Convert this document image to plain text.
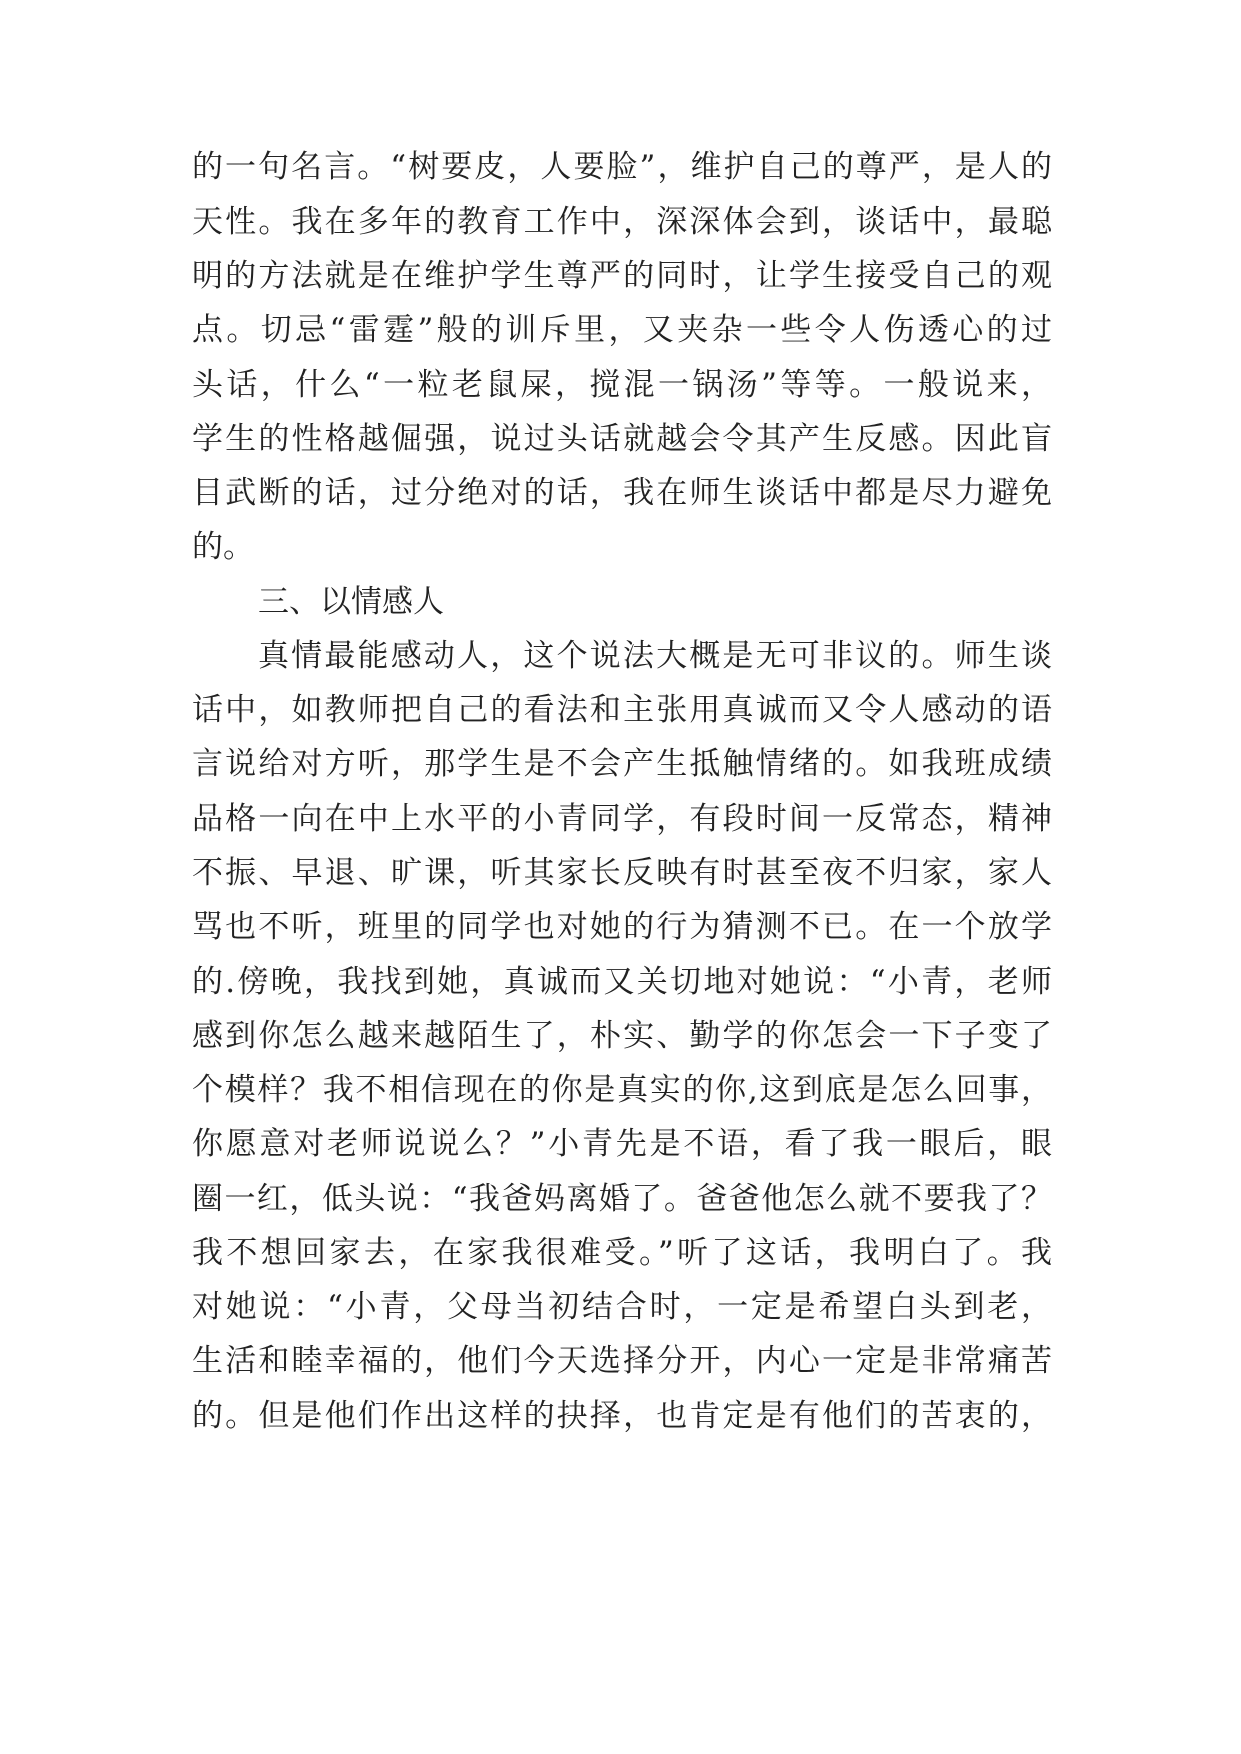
的一句名言。“树要皮，人要脸”，维护自己的尊严，是人的
天性。我在多年的教育工作中，深深体会到，谈话中，最聪
明的方法就是在维护学生尊严的同时，让学生接受自己的观
点。切忌“雷霆”般的训斥里，又夹杂一些令人伤透心的过
头话，什么“一粒老鼠屎，搅混一锅汤”等等。一般说来，
学生的性格越倔强，说过头话就越会令其产生反感。因此盲
目武断的话，过分绝对的话，我在师生谈话中都是尽力避免
的。
三、以情感人
真情最能感动人，这个说法大概是无可非议的。师生谈
话中，如教师把自己的看法和主张用真诚而又令人感动的语
言说给对方听，那学生是不会产生抵触情绪的。如我班成绩
品格一向在中上水平的小青同学，有段时间一反常态，精神
不振、早退、旷课，听其家长反映有时甚至夜不归家，家人
骂也不听，班里的同学也对她的行为猜测不已。在一个放学
的.傍晚，我找到她，真诚而又关切地对她说：“小青，老师
感到你怎么越来越陌生了，朴实、勤学的你怎会一下子变了
个模样？我不相信现在的你是真实的你,这到底是怎么回事，
你愿意对老师说说么？”小青先是不语，看了我一眼后，眼
圈一红，低头说：“我爸妈离婚了。爸爸他怎么就不要我了？
我不想回家去，在家我很难受。”听了这话，我明白了。我
对她说：“小青，父母当初结合时，一定是希望白头到老，
生活和睦幸福的，他们今天选择分开，内心一定是非常痛苦
的。但是他们作出这样的抉择，也肯定是有他们的苦衷的，
